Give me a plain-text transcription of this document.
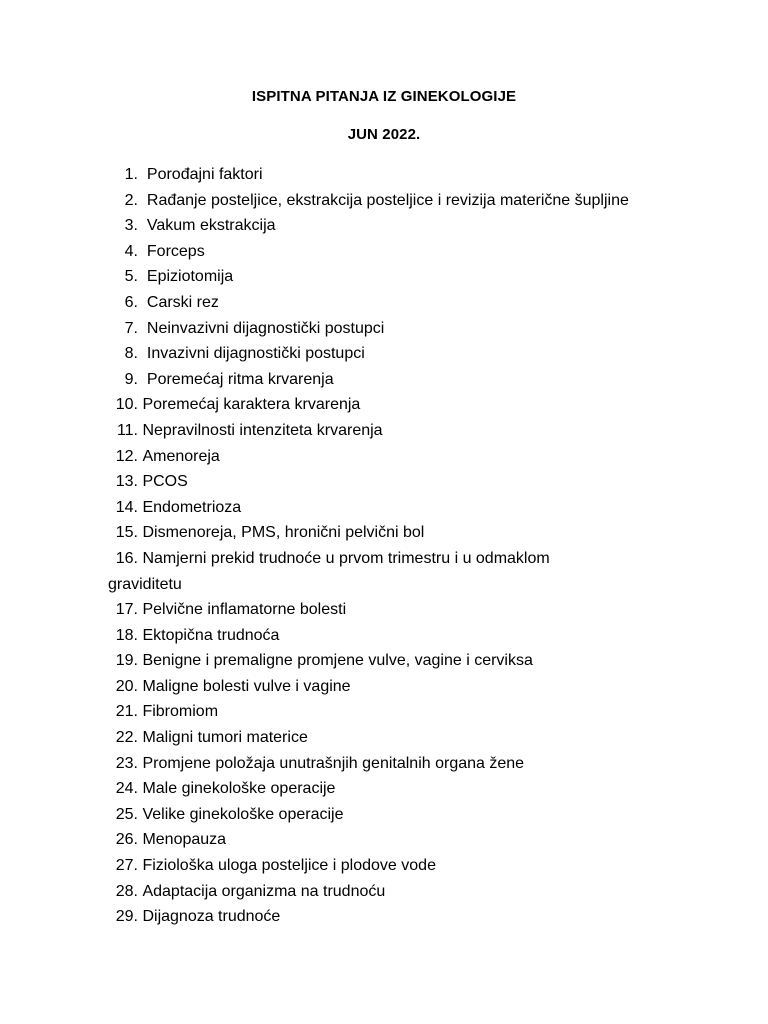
ISPITNA PITANJA IZ GINEKOLOGIJE
JUN 2022.
1. Porođajni faktori
2. Rađanje posteljice, ekstrakcija posteljice i revizija materične šupljine
3. Vakum ekstrakcija
4. Forceps
5. Epiziotomija
6. Carski rez
7. Neinvazivni dijagnostički postupci
8. Invazivni dijagnostički postupci
9. Poremećaj ritma krvarenja
10. Poremećaj karaktera krvarenja
11. Nepravilnosti intenziteta krvarenja
12. Amenoreja
13. PCOS
14. Endometrioza
15. Dismenoreja, PMS, hronični pelvični bol
16. Namjerni prekid trudnoće u prvom trimestru i u odmaklom
graviditetu
17. Pelvične inflamatorne bolesti
18. Ektopična trudnoća
19. Benigne i premaligne promjene vulve, vagine i cerviksa
20. Maligne bolesti vulve i vagine
21. Fibromiom
22. Maligni tumori materice
23. Promjene položaja unutrašnjih genitalnih organa žene
24. Male ginekološke operacije
25. Velike ginekološke operacije
26. Menopauza
27. Fiziološka uloga posteljice i plodove vode
28. Adaptacija organizma na trudnoću
29. Dijagnoza trudnoće
